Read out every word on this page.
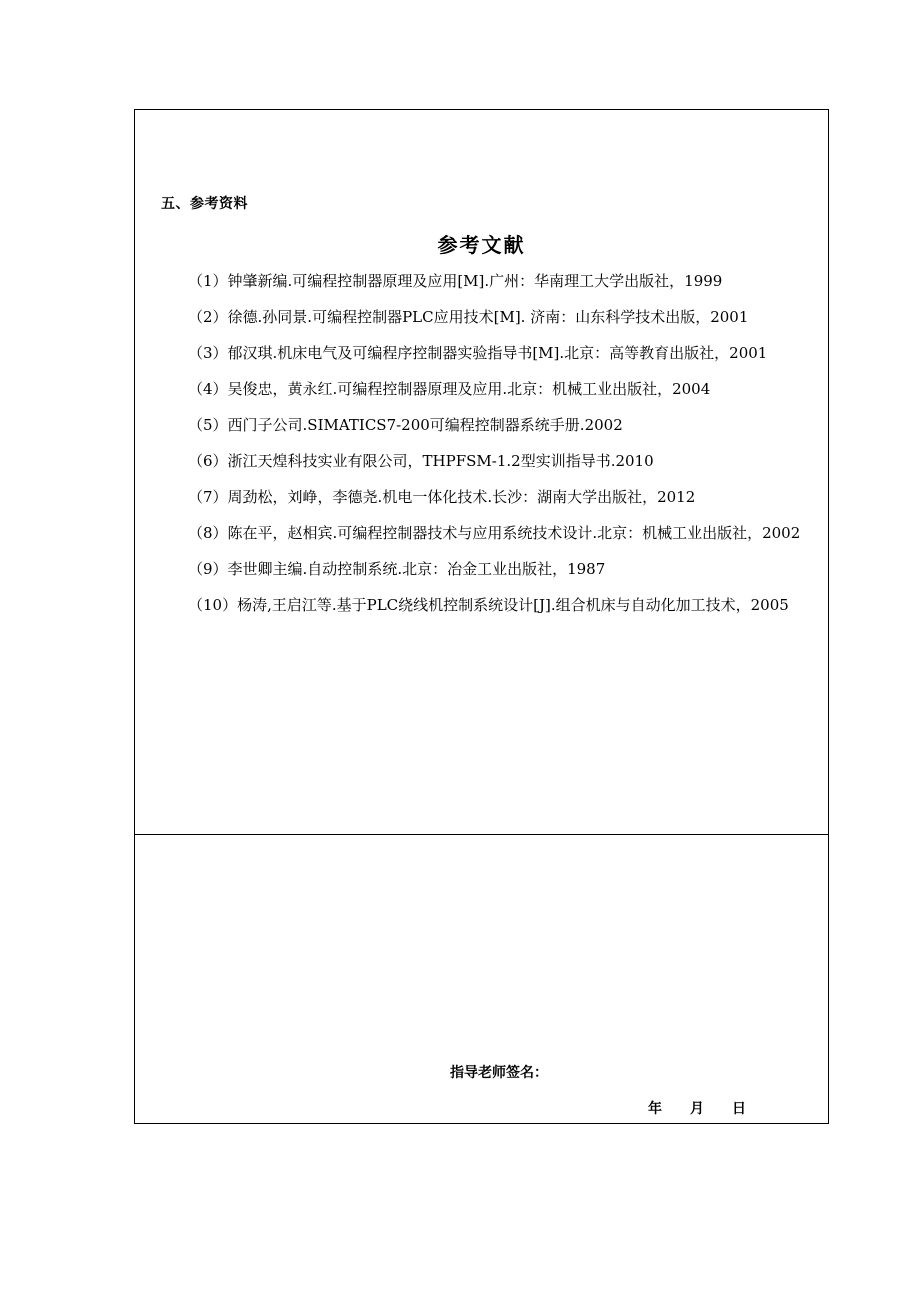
五、参考资料
参考文献
（1）钟肇新编.可编程控制器原理及应用[M].广州：华南理工大学出版社，1999
（2）徐德.孙同景.可编程控制器PLC应用技术[M]. 济南：山东科学技术出版，2001
（3）郁汉琪.机床电气及可编程序控制器实验指导书[M].北京：高等教育出版社，2001
（4）吴俊忠，黄永红.可编程控制器原理及应用.北京：机械工业出版社，2004
（5）西门子公司.SIMATICS7-200可编程控制器系统手册.2002
（6）浙江天煌科技实业有限公司，THPFSM-1.2型实训指导书.2010
（7）周劲松，刘峥，李德尧.机电一体化技术.长沙：湖南大学出版社，2012
（8）陈在平，赵相宾.可编程控制器技术与应用系统技术设计.北京：机械工业出版社，2002
（9）李世卿主编.自动控制系统.北京：冶金工业出版社，1987
（10）杨涛,王启江等.基于PLC绕线机控制系统设计[J].组合机床与自动化加工技术，2005
指导老师签名：
年	月	日
